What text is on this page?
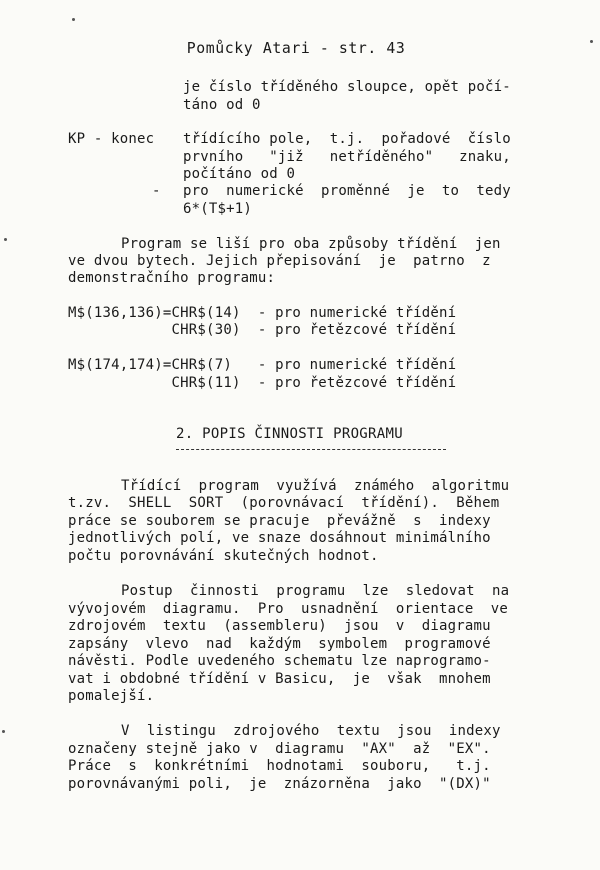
Pomůcky Atari - str. 43
je číslo tříděného sloupce, opět počí-
táno od 0
KP - konec třídícího pole,  t.j.  pořadové  číslo
prvního   "již   netříděného"   znaku,
počítáno od 0
- pro  numerické  proměnné  je  to  tedy
6*(T$+1)
Program se liší pro oba způsoby třídění  jen
ve dvou bytech. Jejich přepisování  je  patrno  z
demonstračního programu:
M$(136,136)=CHR$(14)  - pro numerické třídění
CHR$(30)  - pro řetězcové třídění
M$(174,174)=CHR$(7)   - pro numerické třídění
CHR$(11)  - pro řetězcové třídění
2. POPIS ČINNOSTI PROGRAMU
Třídící  program  využívá  známého  algoritmu
t.zv.  SHELL  SORT  (porovnávací  třídění).  Během
práce se souborem se pracuje  převážně  s  indexy
jednotlivých polí, ve snaze dosáhnout minimálního
počtu porovnávání skutečných hodnot.
Postup  činnosti  programu  lze  sledovat  na
vývojovém  diagramu.  Pro  usnadnění  orientace  ve
zdrojovém  textu  (assembleru)  jsou  v  diagramu
zapsány  vlevo  nad  každým  symbolem  programové
návěsti. Podle uvedeného schematu lze naprogramo-
vat i obdobné třídění v Basicu,  je  však  mnohem
pomalejší.
V  listingu  zdrojového  textu  jsou  indexy
označeny stejně jako v  diagramu  "AX"  až  "EX".
Práce  s  konkrétními  hodnotami  souboru,   t.j.
porovnávanými poli,  je  znázorněna  jako  "(DX)"
